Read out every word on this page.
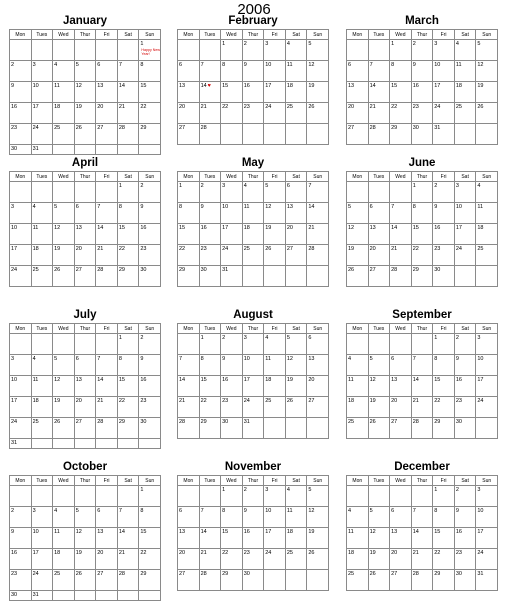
2006
January
Mon	Tues	Wed	Thur	Fri	Sat	Sun

						1
Happy New Year!

2	3	4	5	6	7	8

9	10	11	12	13	14	15

16	17	18	19	20	21	22

23	24	25	26	27	28	29

30	31					

February
Mon	Tues	Wed	Thur	Fri	Sat	Sun

		1	2	3	4	5

6	7	8	9	10	11	12

13	14 ♥	15	16	17	18	19

20	21	22	23	24	25	26

27	28					

March
Mon	Tues	Wed	Thur	Fri	Sat	Sun

		1	2	3	4	5

6	7	8	9	10	11	12

13	14	15	16	17	18	19

20	21	22	23	24	25	26

27	28	29	30	31		

April
Mon	Tues	Wed	Thur	Fri	Sat	Sun

					1	2

3	4	5	6	7	8	9

10	11	12	13	14	15	16

17	18	19	20	21	22	23

24	25	26	27	28	29	30
May
Mon	Tues	Wed	Thur	Fri	Sat	Sun

1	2	3	4	5	6	7

8	9	10	11	12	13	14

15	16	17	18	19	20	21

22	23	24	25	26	27	28

29	30	31				

June
Mon	Tues	Wed	Thur	Fri	Sat	Sun

			1	2	3	4

5	6	7	8	9	10	11

12	13	14	15	16	17	18

19	20	21	22	23	24	25

26	27	28	29	30		

July
Mon	Tues	Wed	Thur	Fri	Sat	Sun

					1	2

3	4	5	6	7	8	9

10	11	12	13	14	15	16

17	18	19	20	21	22	23

24	25	26	27	28	29	30

31						

August
Mon	Tues	Wed	Thur	Fri	Sat	Sun

	1	2	3	4	5	6

7	8	9	10	11	12	13

14	15	16	17	18	19	20

21	22	23	24	25	26	27

28	29	30	31			

September
Mon	Tues	Wed	Thur	Fri	Sat	Sun

				1	2	3

4	5	6	7	8	9	10

11	12	13	14	15	16	17

18	19	20	21	22	23	24

25	26	27	28	29	30	

October
Mon	Tues	Wed	Thur	Fri	Sat	Sun

						1

2	3	4	5	6	7	8

9	10	11	12	13	14	15

16	17	18	19	20	21	22

23	24	25	26	27	28	29

30	31					

November
Mon	Tues	Wed	Thur	Fri	Sat	Sun

		1	2	3	4	5

6	7	8	9	10	11	12

13	14	15	16	17	18	19

20	21	22	23	24	25	26

27	28	29	30			

December
Mon	Tues	Wed	Thur	Fri	Sat	Sun

				1	2	3

4	5	6	7	8	9	10

11	12	13	14	15	16	17

18	19	20	21	22	23	24

25	26	27	28	29	30	31
